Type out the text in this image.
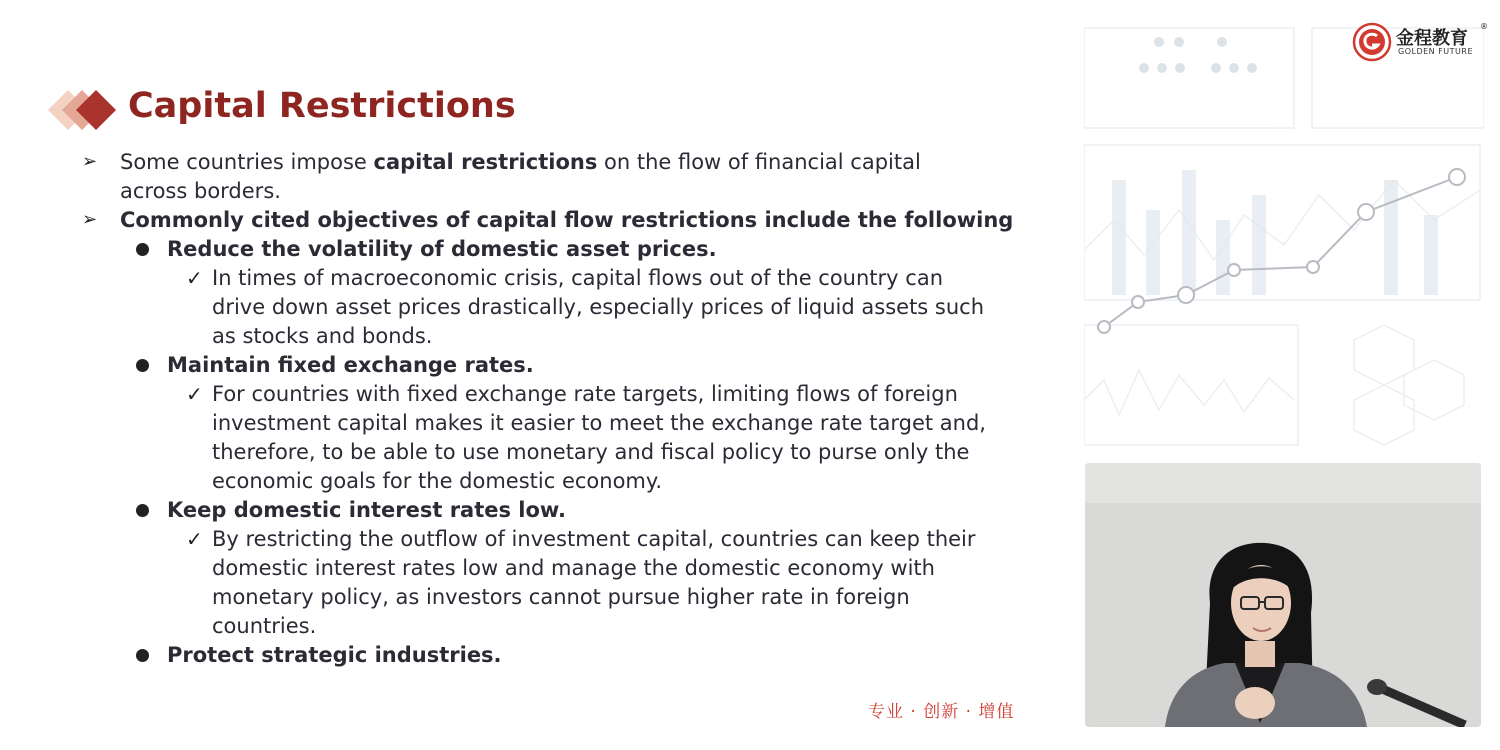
Capital Restrictions
➢ Some countries impose capital restrictions on the flow of financial capital
across borders.
➢ Commonly cited objectives of capital flow restrictions include the following
Reduce the volatility of domestic asset prices.
✓ In times of macroeconomic crisis, capital flows out of the country can
drive down asset prices drastically, especially prices of liquid assets such
as stocks and bonds.
Maintain fixed exchange rates.
✓ For countries with fixed exchange rate targets, limiting flows of foreign
investment capital makes it easier to meet the exchange rate target and,
therefore, to be able to use monetary and fiscal policy to purse only the
economic goals for the domestic economy.
Keep domestic interest rates low.
✓ By restricting the outflow of investment capital, countries can keep their
domestic interest rates low and manage the domestic economy with
monetary policy, as investors cannot pursue higher rate in foreign
countries.
Protect strategic industries.
专业 · 创新 · 增值
金程教育
®
GOLDEN FUTURE
